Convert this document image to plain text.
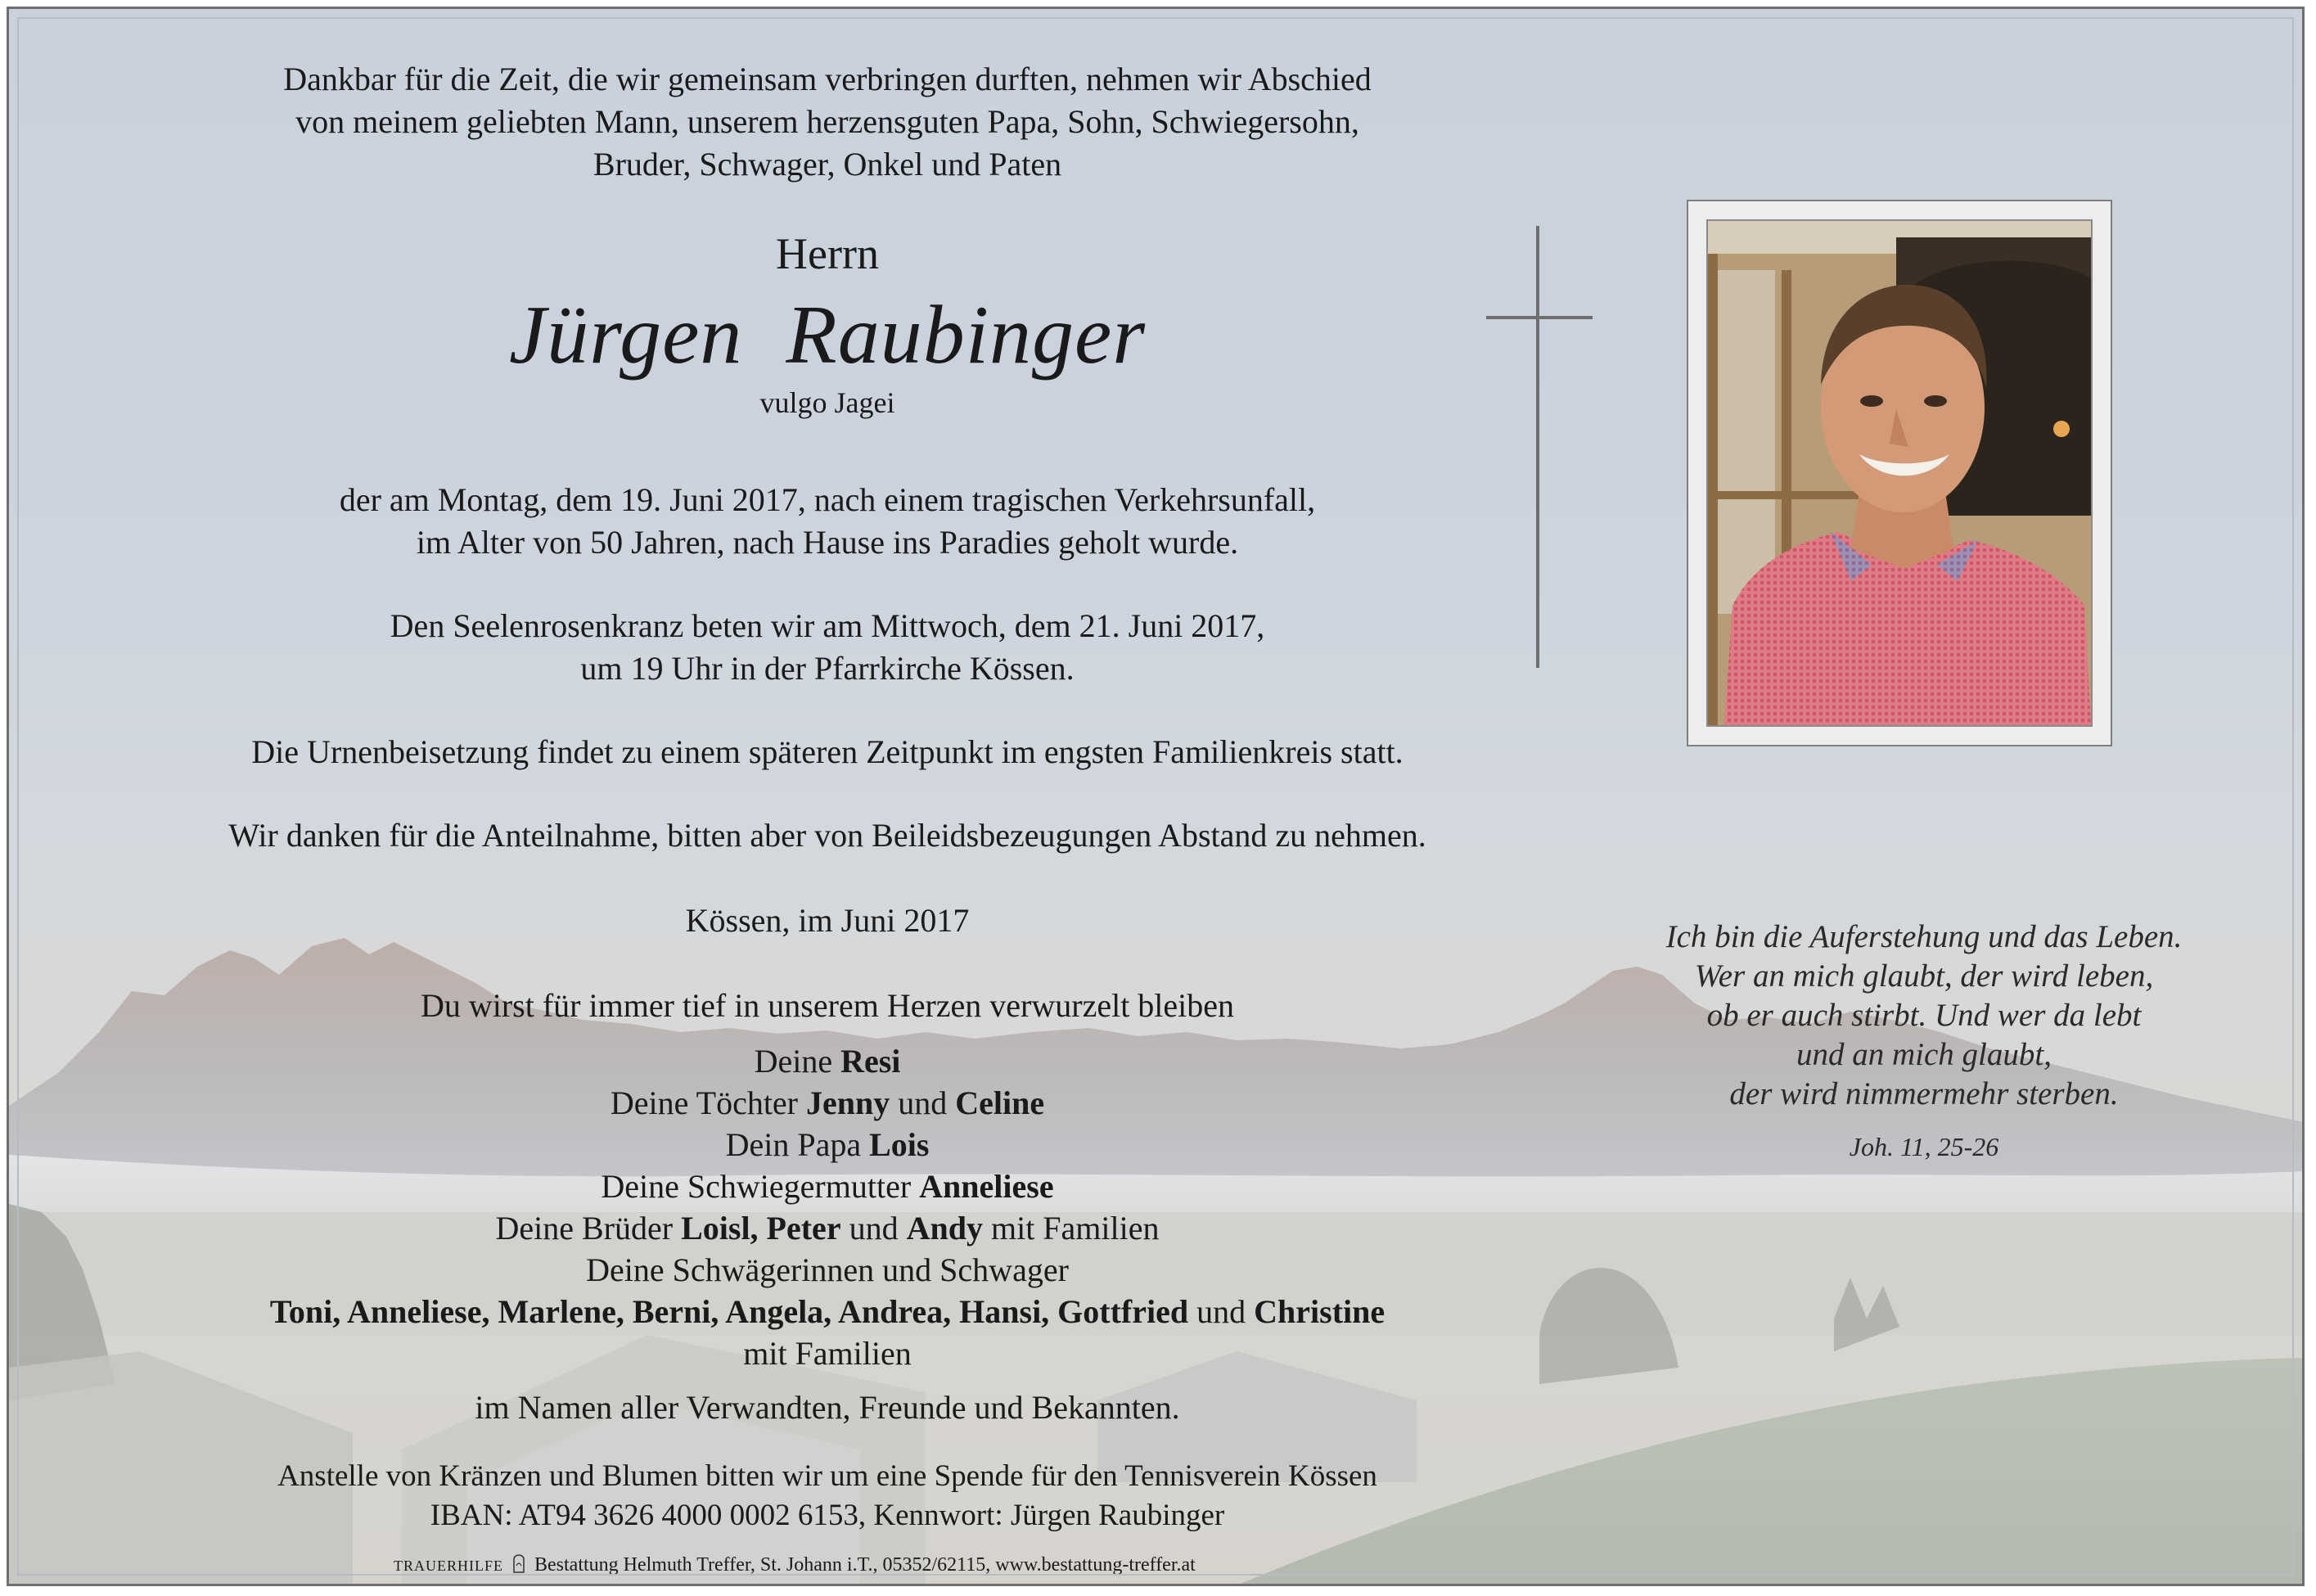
Dankbar für die Zeit, die wir gemeinsam verbringen durften, nehmen wir Abschied
von meinem geliebten Mann, unserem herzensguten Papa, Sohn, Schwiegersohn,
Bruder, Schwager, Onkel und Paten
Herrn
Jürgen  Raubinger
vulgo Jagei
der am Montag, dem 19. Juni 2017, nach einem tragischen Verkehrsunfall,
im Alter von 50 Jahren, nach Hause ins Paradies geholt wurde.
Den Seelenrosenkranz beten wir am Mittwoch, dem 21. Juni 2017,
um 19 Uhr in der Pfarrkirche Kössen.
Die Urnenbeisetzung findet zu einem späteren Zeitpunkt im engsten Familienkreis statt.
Wir danken für die Anteilnahme, bitten aber von Beileidsbezeugungen Abstand zu nehmen.
Kössen, im Juni 2017
Du wirst für immer tief in unserem Herzen verwurzelt bleiben
Deine Resi
Deine Töchter Jenny und Celine
Dein Papa Lois
Deine Schwiegermutter Anneliese
Deine Brüder Loisl, Peter und Andy mit Familien
Deine Schwägerinnen und Schwager
Toni, Anneliese, Marlene, Berni, Angela, Andrea, Hansi, Gottfried und Christine
mit Familien
im Namen aller Verwandten, Freunde und Bekannten.
Anstelle von Kränzen und Blumen bitten wir um eine Spende für den Tennisverein Kössen
IBAN: AT94 3626 4000 0002 6153, Kennwort: Jürgen Raubinger
Ich bin die Auferstehung und das Leben.
Wer an mich glaubt, der wird leben,
ob er auch stirbt. Und wer da lebt
und an mich glaubt,
der wird nimmermehr sterben.
Joh. 11, 25-26
TRAUERHILFE Bestattung Helmuth Treffer, St. Johann i.T., 05352/62115, www.bestattung-treffer.at
